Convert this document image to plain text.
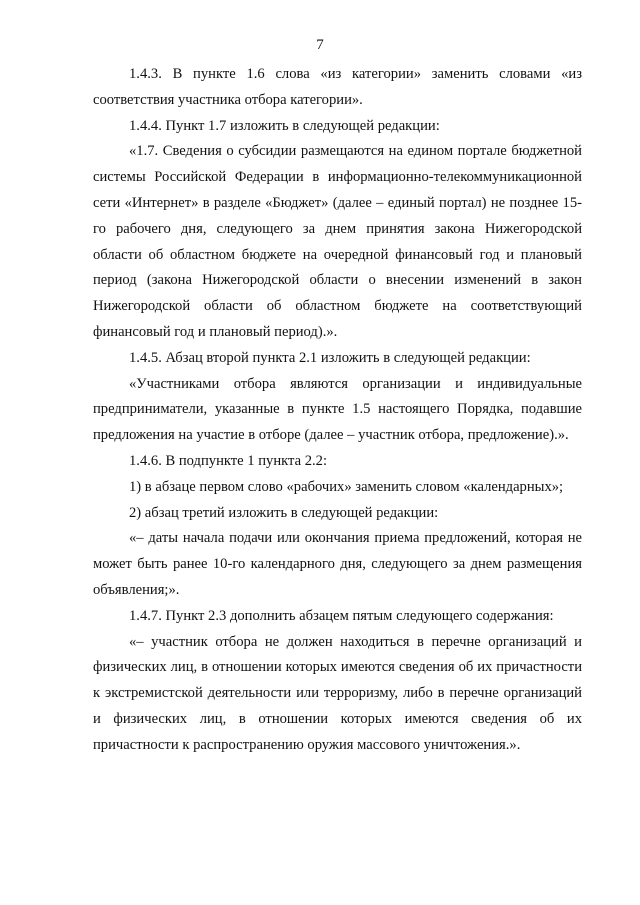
7

1.4.3. В пункте 1.6 слова «из категории» заменить словами «из соответствия участника отбора категории».

1.4.4. Пункт 1.7 изложить в следующей редакции:

«1.7. Сведения о субсидии размещаются на едином портале бюджетной системы Российской Федерации в информационно-телекоммуникационной сети «Интернет» в разделе «Бюджет» (далее – единый портал) не позднее 15-го рабочего дня, следующего за днем принятия закона Нижегородской области об областном бюджете на очередной финансовый год и плановый период (закона Нижегородской области о внесении изменений в закон Нижегородской области об областном бюджете на соответствующий финансовый год и плановый период).».

1.4.5. Абзац второй пункта 2.1 изложить в следующей редакции:

«Участниками отбора являются организации и индивидуальные предприниматели, указанные в пункте 1.5 настоящего Порядка, подавшие предложения на участие в отборе (далее – участник отбора, предложение).».

1.4.6. В подпункте 1 пункта 2.2:

1) в абзаце первом слово «рабочих» заменить словом «календарных»;

2) абзац третий изложить в следующей редакции:

«– даты начала подачи или окончания приема предложений, которая не может быть ранее 10-го календарного дня, следующего за днем размещения объявления;».

1.4.7. Пункт 2.3 дополнить абзацем пятым следующего содержания:

«– участник отбора не должен находиться в перечне организаций и физических лиц, в отношении которых имеются сведения об их причастности к экстремистской деятельности или терроризму, либо в перечне организаций и физических лиц, в отношении которых имеются сведения об их причастности к распространению оружия массового уничтожения.».
